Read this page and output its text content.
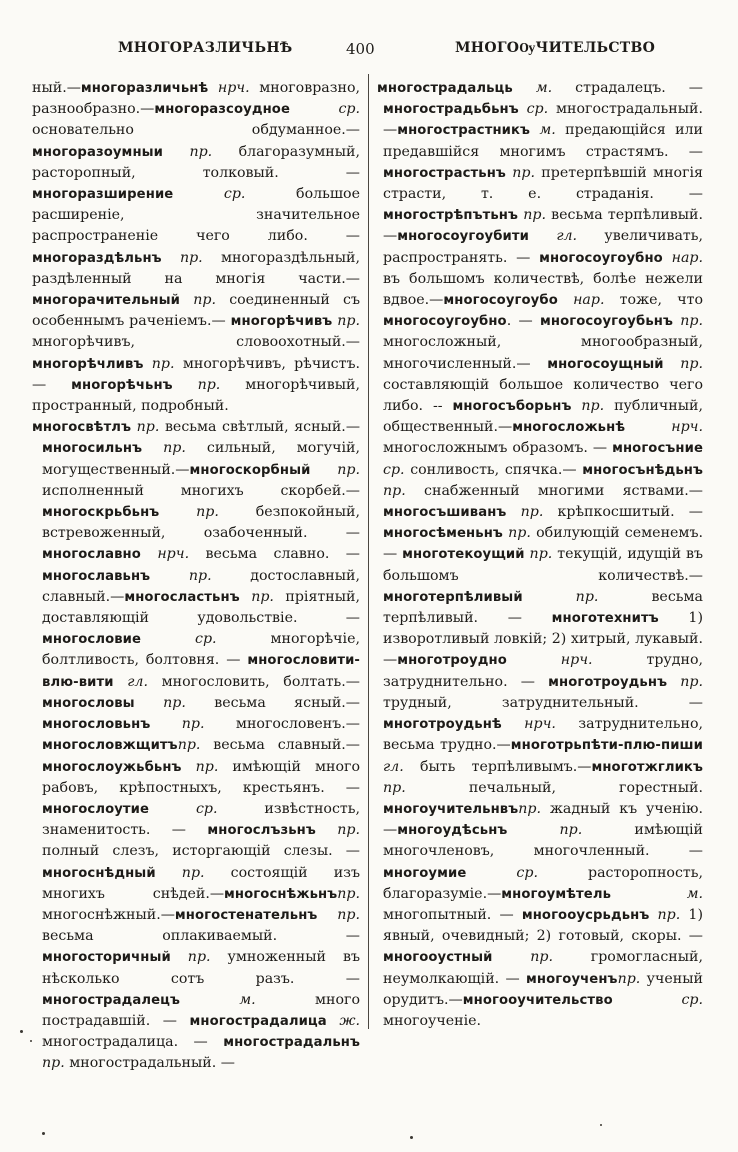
МНОГОРАЗЛИЧЬНѢ	400	МНОГОѸЧИТЕЛЬСТВО

ный.—многоразличьнѣ нрч. многовразно, разнообразно.—многоразсоудное ср. основательно обдуманное.—многоразоумныи пр. благоразумный, расторопный, толковый. — многоразширение ср. большое расширеніе, значительное распространеніе чего либо. — многораздѣльнъ пр. многораздѣльный, раздѣленный на многія части.—многорачительный пр. соединенный съ особеннымъ раченіемъ.— многорѣчивъ пр. многорѣчивъ, словоохотный.—многорѣчливъ пр. многорѣчивъ, рѣчистъ.— многорѣчьнъ пр. многорѣчивый, пространный, подробный.

многосвѣтлъ пр. весьма свѣтлый, ясный.—многосильнъ пр. сильный, могучій, могущественный.—многоскорбный пр. исполненный многихъ скорбей.—многоскрьбьнъ пр. безпокойный, встревоженный, озабоченный. — многославно нрч. весьма славно. — многославьнъ пр. достославный, славный.—многосластьнъ пр. пріятный, доставляющій удовольствіе. — многословие ср. многорѣчіе, болтливость, болтовня. — многословити-влю-вити гл. многословить, болтать.—многословы пр. весьма ясный.— многословьнъ пр. многословенъ.—многословжщитъпр. весьма славный.—многослоужьбьнъ пр. имѣющій много рабовъ, крѣпостныхъ, крестьянъ. — многослоутие ср. извѣстность, знаменитость. — многослъзьнъ пр. полный слезъ, исторгающій слезы. — многоснѣдный пр. состоящій изъ многихъ снѣдей.—многоснѣжьнъпр. многоснѣжный.—многостенательнъ пр. весьма оплакиваемый. — многосторичный пр. умноженный въ нѣсколько сотъ разъ. — многострадалецъ м. много пострадавшій. — многострадалица ж. многострадалица. — многострадальнъ пр. многострадальный. —

многострадальць м. страдалецъ. — многострадьбьнъ ср. многострадальный.—многострастникъ м. предающійся или предавшійся многимъ страстямъ. — многострастьнъ пр. претерпѣвшій многія страсти, т. е. страданія. — многострѣпътьнъ пр. весьма терпѣливый.—многосоугоубити гл. увеличивать, распространять. — многосоугоубно нар. въ большомъ количествѣ, болѣе нежели вдвое.—многосоугоубо нар. тоже, что многосоугоубно. — многосоугоубьнъ пр. многосложный, многообразный, многочисленный.— многосоущный пр. составляющій большое количество чего либо. -- многосъборьнъ пр. публичный, общественный.—многосложьнѣ нрч. многосложнымъ образомъ. — многосъние ср. сонливость, спячка.— многосънѣдьнъ пр. снабженный многими яствами.—многосъшиванъ пр. крѣпкосшитый. — многосѣменьнъ пр. обилующій семенемъ.— многотекоущий пр. текущій, идущій въ большомъ количествѣ.—многотерпѣливый пр. весьма терпѣливый. — многотехнитъ 1) изворотливый ловкій; 2) хитрый, лукавый.—многотроудно нрч. трудно, затруднительно. — многотроудьнъ пр. трудный, затруднительный. — многотроудьнѣ нрч. затруднительно, весьма трудно.—многотрьпѣти-плю-пиши гл. быть терпѣливымъ.—многотжгликъ пр. печальный, горестный. многоучительнвъпр. жадный къ ученію.—многоудѣсьнъ пр. имѣющій многочленовъ, многочленный. — многоумие ср. расторопность, благоразуміе.—многоумѣтель м. многопытный. — многооусрьдьнъ пр. 1) явный, очевидный; 2) готовый, скоры. — многооустный пр. громогласный, неумолкающій. — многоученъпр. ученый орудитъ.—многооучительство ср. многоученіе.
